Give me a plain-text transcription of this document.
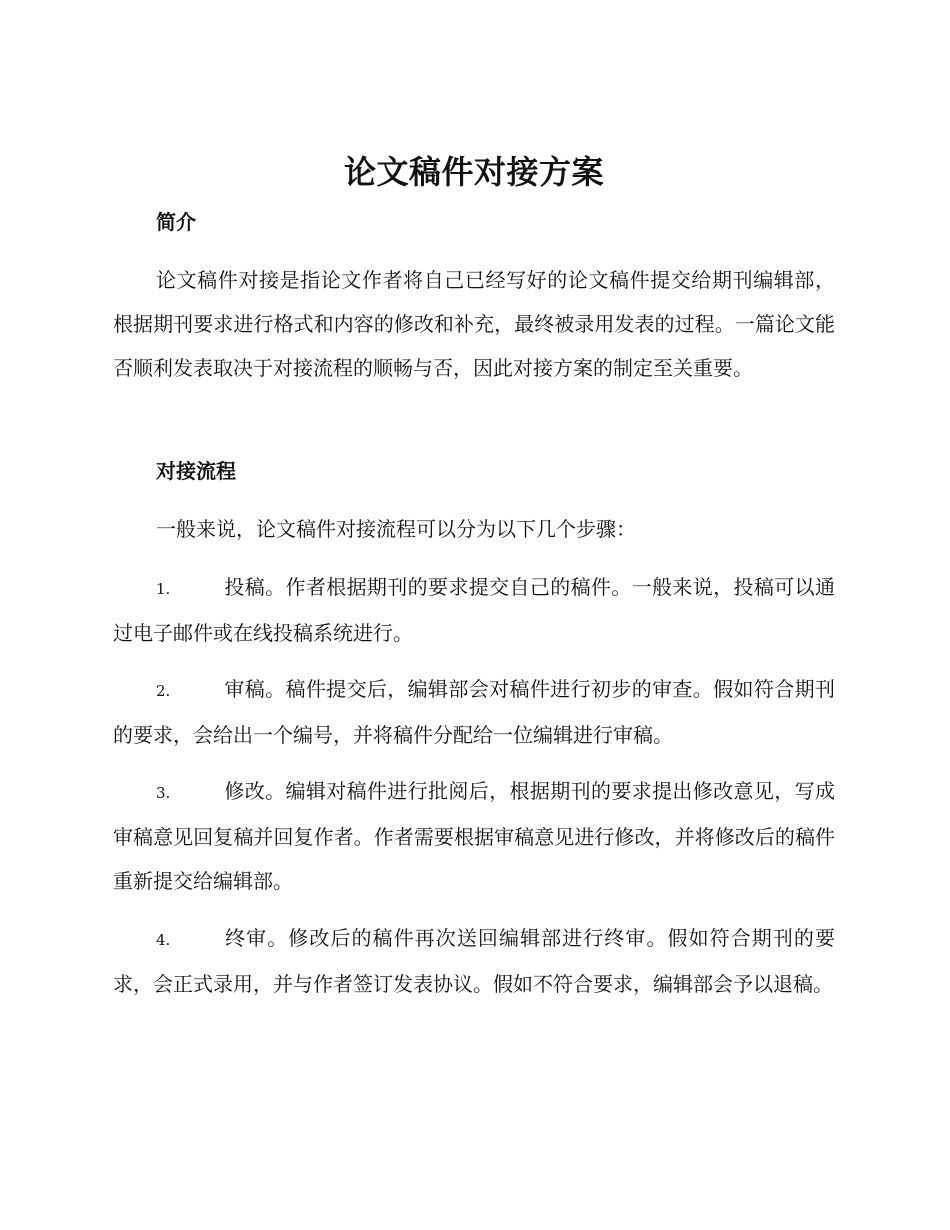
论文稿件对接方案
简介

论文稿件对接是指论文作者将自己已经写好的论文稿件提交给期刊编辑部，根据期刊要求进行格式和内容的修改和补充，最终被录用发表的过程。一篇论文能否顺利发表取决于对接流程的顺畅与否，因此对接方案的制定至关重要。

对接流程

一般来说，论文稿件对接流程可以分为以下几个步骤：

1.	投稿。作者根据期刊的要求提交自己的稿件。一般来说，投稿可以通过电子邮件或在线投稿系统进行。

2.	审稿。稿件提交后，编辑部会对稿件进行初步的审查。假如符合期刊的要求，会给出一个编号，并将稿件分配给一位编辑进行审稿。

3.	修改。编辑对稿件进行批阅后，根据期刊的要求提出修改意见，写成审稿意见回复稿并回复作者。作者需要根据审稿意见进行修改，并将修改后的稿件重新提交给编辑部。

4.	终审。修改后的稿件再次送回编辑部进行终审。假如符合期刊的要求，会正式录用，并与作者签订发表协议。假如不符合要求，编辑部会予以退稿。
